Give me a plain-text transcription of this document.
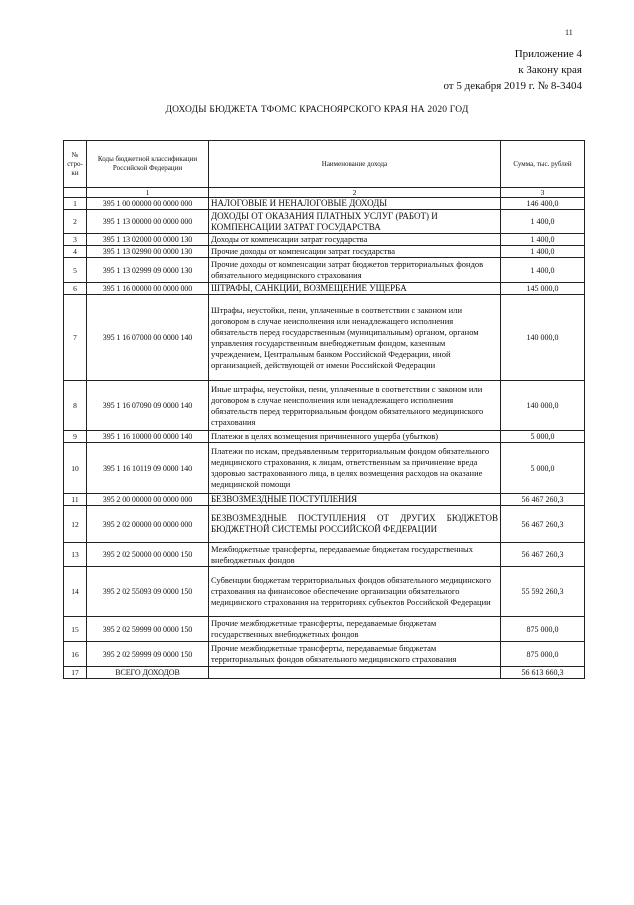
11
Приложение 4
к Закону края
от 5 декабря 2019 г. № 8-3404
ДОХОДЫ БЮДЖЕТА ТФОМС КРАСНОЯРСКОГО КРАЯ НА 2020 ГОД
№ стро-ки	Коды бюджетной классификации Российской Федерации	Наименование дохода	Сумма, тыс. рублей
	1	2	3
1	395 1 00 00000 00 0000 000	НАЛОГОВЫЕ И НЕНАЛОГОВЫЕ ДОХОДЫ	146 400,0
2	395 1 13 00000 00 0000 000	ДОХОДЫ ОТ ОКАЗАНИЯ ПЛАТНЫХ УСЛУГ (РАБОТ) И КОМПЕНСАЦИИ ЗАТРАТ ГОСУДАРСТВА	1 400,0
3	395 1 13 02000 00 0000 130	Доходы от компенсации затрат государства	1 400,0
4	395 1 13 02990 00 0000 130	Прочие доходы от компенсации затрат государства	1 400,0
5	395 1 13 02999 09 0000 130	Прочие доходы от компенсации затрат бюджетов территориальных фондов обязательного медицинского страхования	1 400,0
6	395 1 16 00000 00 0000 000	ШТРАФЫ, САНКЦИИ, ВОЗМЕЩЕНИЕ УЩЕРБА	145 000,0
7	395 1 16 07000 00 0000 140	Штрафы, неустойки, пени, уплаченные в соответствии с законом или договором в случае неисполнения или ненадлежащего исполнения обязательств перед государственным (муниципальным) органом, органом управления государственным внебюджетным фондом, казенным учреждением, Центральным банком Российской Федерации, иной организацией, действующей от имени Российской Федерации	140 000,0
8	395 1 16 07090 09 0000 140	Иные штрафы, неустойки, пени, уплаченные в соответствии с законом или договором в случае неисполнения или ненадлежащего исполнения обязательств перед территориальным фондом обязательного медицинского страхования	140 000,0
9	395 1 16 10000 00 0000 140	Платежи в целях возмещения причиненного ущерба (убытков)	5 000,0
10	395 1 16 10119 09 0000 140	Платежи по искам, предъявленным территориальным фондом обязательного медицинского страхования, к лицам, ответственным за причинение вреда здоровью застрахованного лица, в целях возмещения расходов на оказание медицинской помощи	5 000,0
11	395 2 00 00000 00 0000 000	БЕЗВОЗМЕЗДНЫЕ ПОСТУПЛЕНИЯ	56 467 260,3
12	395 2 02 00000 00 0000 000	БЕЗВОЗМЕЗДНЫЕ ПОСТУПЛЕНИЯ ОТ ДРУГИХ БЮДЖЕТОВ БЮДЖЕТНОЙ СИСТЕМЫ РОССИЙСКОЙ ФЕДЕРАЦИИ	56 467 260,3
13	395 2 02 50000 00 0000 150	Межбюджетные трансферты, передаваемые бюджетам государственных внебюджетных фондов	56 467 260,3
14	395 2 02 55093 09 0000 150	Субвенции бюджетам территориальных фондов обязательного медицинского страхования на финансовое обеспечение организации обязательного медицинского страхования на территориях субъектов Российской Федерации	55 592 260,3
15	395 2 02 59999 00 0000 150	Прочие межбюджетные трансферты, передаваемые бюджетам государственных внебюджетных фондов	875 000,0
16	395 2 02 59999 09 0000 150	Прочие межбюджетные трансферты, передаваемые бюджетам территориальных фондов обязательного медицинского страхования	875 000,0
17	ВСЕГО ДОХОДОВ		56 613 660,3
